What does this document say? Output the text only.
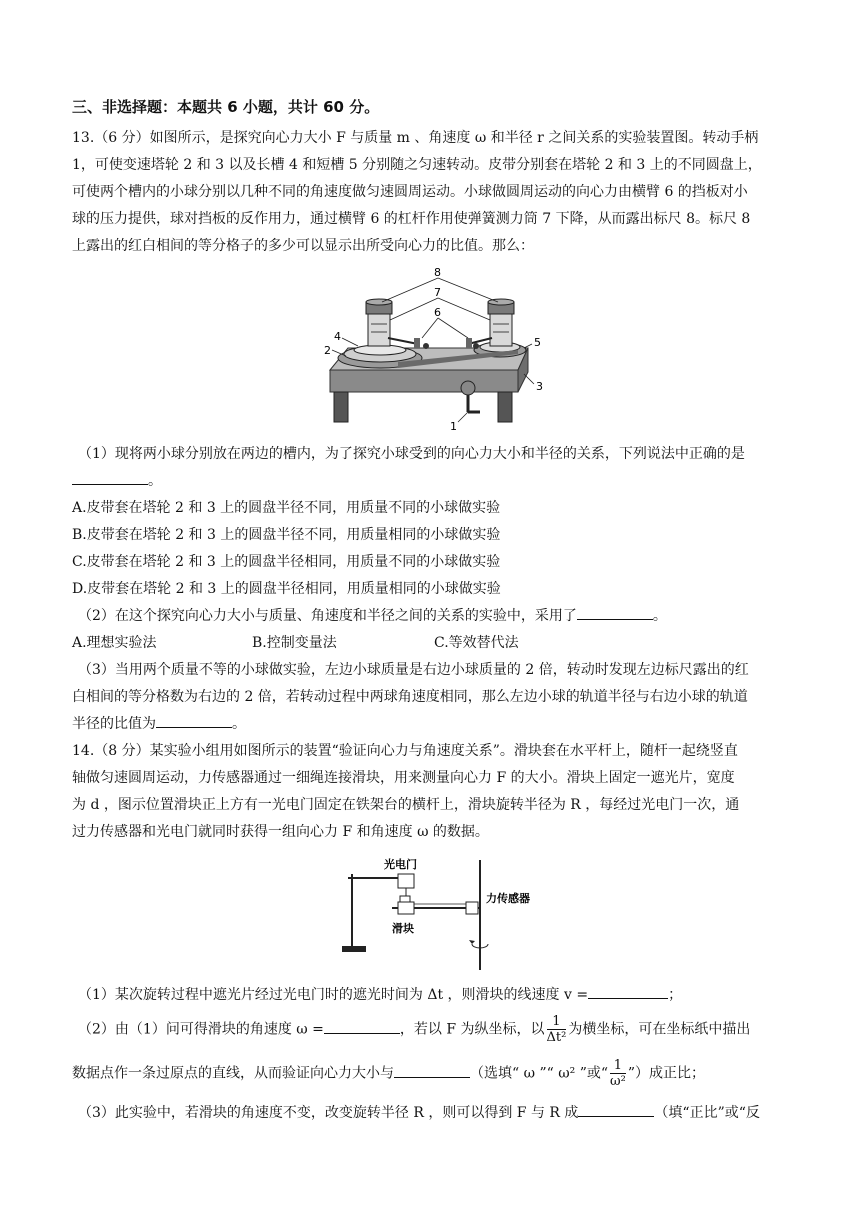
三、非选择题：本题共 6 小题，共计 60 分。
13.（6 分）如图所示，是探究向心力大小 F 与质量 m 、角速度 ω 和半径 r 之间关系的实验装置图。转动手柄
1，可使变速塔轮 2 和 3 以及长槽 4 和短槽 5 分别随之匀速转动。皮带分别套在塔轮 2 和 3 上的不同圆盘上，
可使两个槽内的小球分别以几种不同的角速度做匀速圆周运动。小球做圆周运动的向心力由横臂 6 的挡板对小
球的压力提供，球对挡板的反作用力，通过横臂 6 的杠杆作用使弹簧测力筒 7 下降，从而露出标尺 8。标尺 8
上露出的红白相间的等分格子的多少可以显示出所受向心力的比值。那么：
8
7
6
4
2
5
3
1
（1）现将两小球分别放在两边的槽内，为了探究小球受到的向心力大小和半径的关系，下列说法中正确的是
。
A.皮带套在塔轮 2 和 3 上的圆盘半径不同，用质量不同的小球做实验
B.皮带套在塔轮 2 和 3 上的圆盘半径不同，用质量相同的小球做实验
C.皮带套在塔轮 2 和 3 上的圆盘半径相同，用质量不同的小球做实验
D.皮带套在塔轮 2 和 3 上的圆盘半径相同，用质量相同的小球做实验
（2）在这个探究向心力大小与质量、角速度和半径之间的关系的实验中，采用了	。
A.理想实验法	B.控制变量法	C.等效替代法
（3）当用两个质量不等的小球做实验，左边小球质量是右边小球质量的 2 倍，转动时发现左边标尺露出的红
白相间的等分格数为右边的 2 倍，若转动过程中两球角速度相同，那么左边小球的轨道半径与右边小球的轨道
半径的比值为	。
14.（8 分）某实验小组用如图所示的装置“验证向心力与角速度关系”。滑块套在水平杆上，随杆一起绕竖直
轴做匀速圆周运动，力传感器通过一细绳连接滑块，用来测量向心力 F 的大小。滑块上固定一遮光片，宽度
为 d ，图示位置滑块正上方有一光电门固定在铁架台的横杆上，滑块旋转半径为 R ，每经过光电门一次，通
过力传感器和光电门就同时获得一组向心力 F 和角速度 ω 的数据。
光电门
力传感器
滑块
（1）某次旋转过程中遮光片经过光电门时的遮光时间为 Δt ，则滑块的线速度 v =	；
（2）由（1）问可得滑块的角速度 ω =	，若以 F 为纵坐标，以 $\frac{1}{\text{Δt²}}$ 为横坐标，可在坐标纸中描出
数据点作一条过原点的直线，从而验证向心力大小与	（选填“ ω ”“ ω² ”或“ $\frac{1}{\text{ω²}}$ ”）成正比；
（3）此实验中，若滑块的角速度不变，改变旋转半径 R ，则可以得到 F 与 R 成	（填“正比”或“反
